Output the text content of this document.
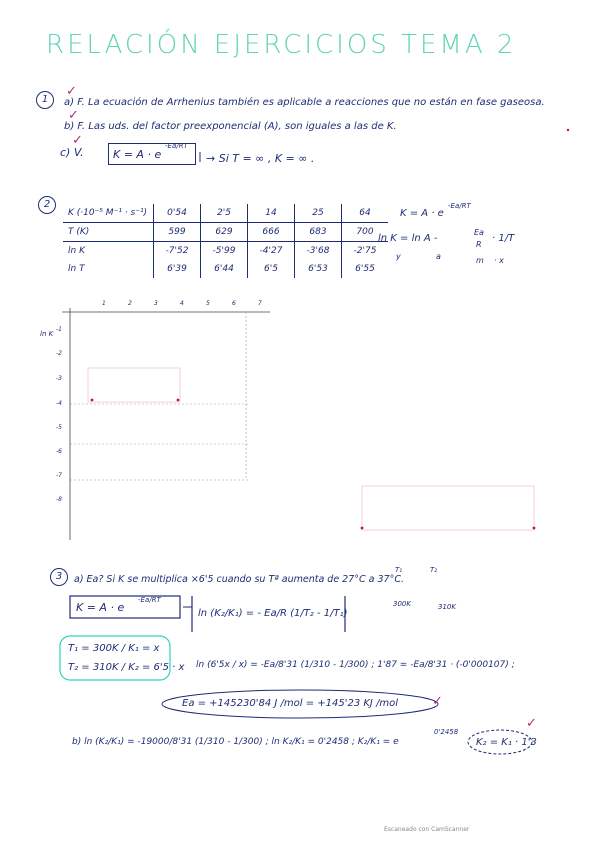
RELACIÓN EJERCICIOS TEMA 2
1	a) F. La ecuación de Arrhenius también es aplicable a reacciones que no están en fase gaseosa.
b) F. Las uds. del factor preexponencial (A), son iguales a las de K.
c) V.	K = A · e
-Ea/RT
→ Si T = ∞ , K = ∞ .
✓
✓
✓
2
K (·10⁻⁵ M⁻¹ · s⁻¹)	0'54	2'5	14	25	64
T (K)	599	629	666	683	700
ln K	-7'52	-5'99	-4'27	-3'68	-2'75
ln T	6'39	6'44	6'5	6'53	6'55
K = A · e
-Ea/RT
ln K = ln A -
Ea
R
· 1/T
y	a	m · x
ln K
1	2	3	4	5	6	7
-1
-2
-3
-4
-5
-6
-7
-8
3	a) Ea? Si K se multiplica ×6'5 cuando su Tª aumenta de 27°C a 37°C.
T₁	T₂
300K	310K
K = A · e
-Ea/RT
ln (K₂/K₁) = - Ea/R (1/T₂ - 1/T₁)
T₁ = 300K / K₁ = x
T₂ = 310K / K₂ = 6'5 · x ln (6'5x / x) = -Ea/8'31 (1/310 - 1/300) ; 1'87 = -Ea/8'31 · (-0'000107) ;
Ea = +145230'84 J /mol = +145'23 KJ /mol	✓
b) ln (K₂/K₁) = -19000/8'31 (1/310 - 1/300) ; ln K₂/K₁ = 0'2458 ; K₂/K₁ = e
0'2458
K₂ = K₁ · 1'3
✓
Escaneado con CamScanner
